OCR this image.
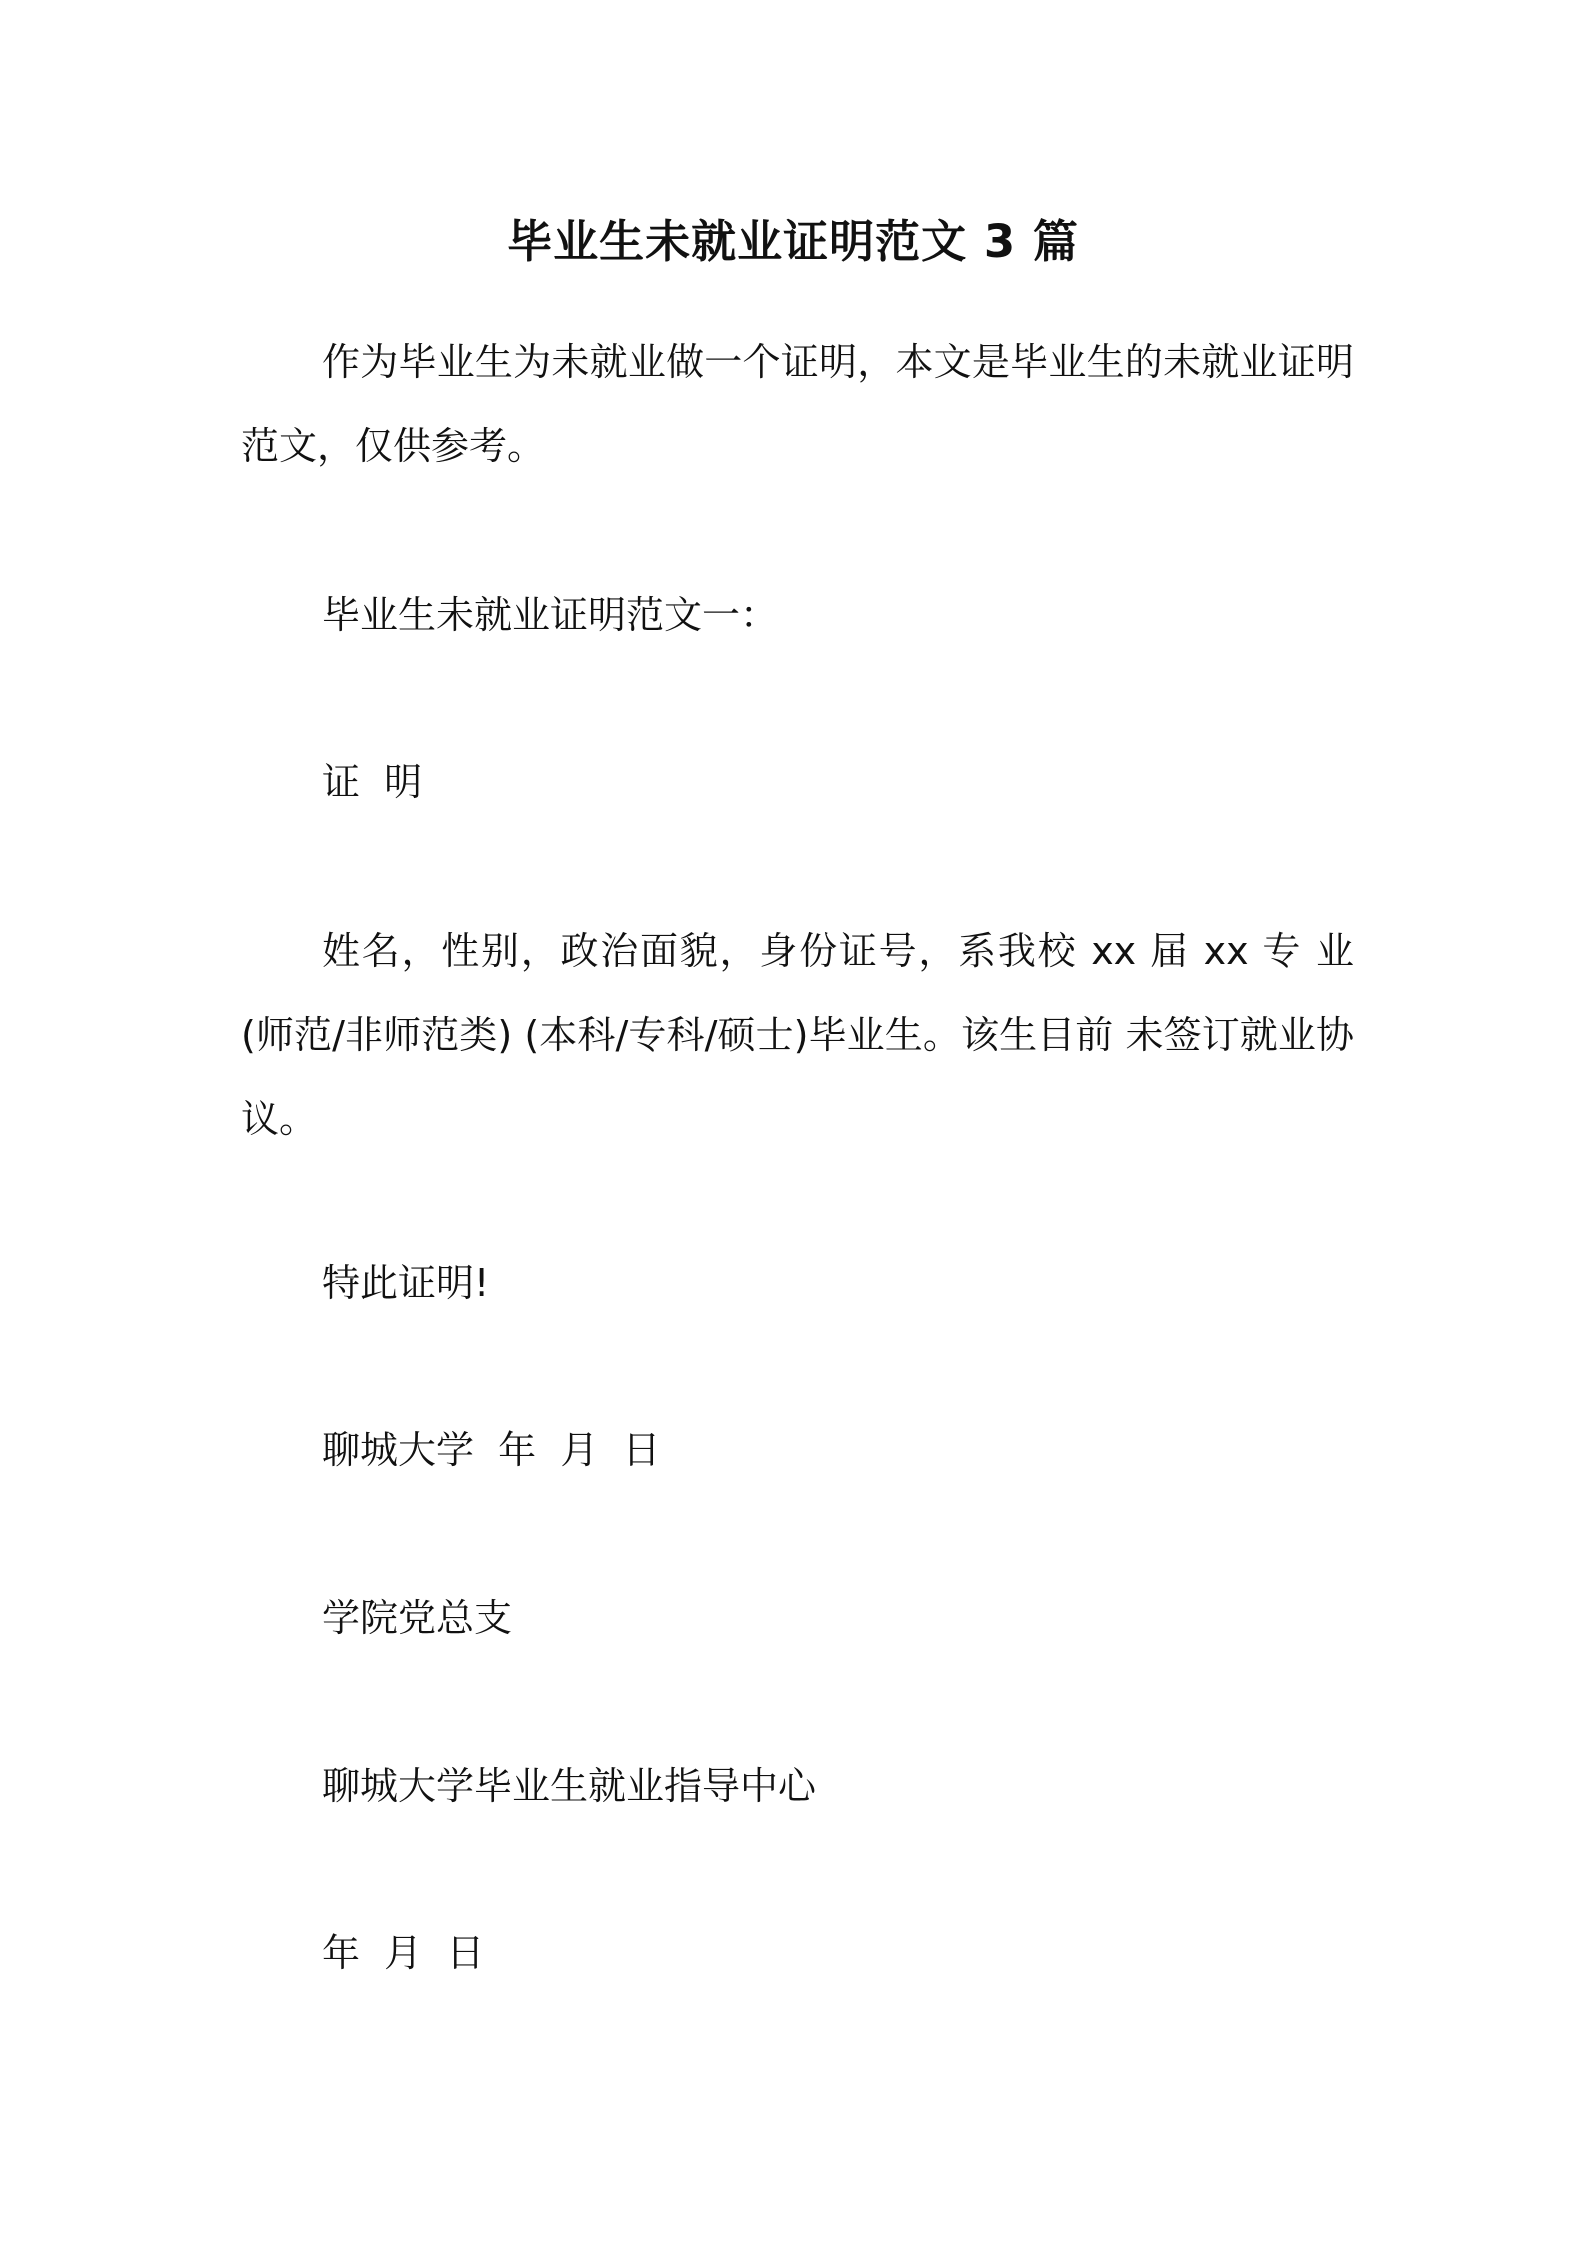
毕业生未就业证明范文 3 篇

作为毕业生为未就业做一个证明，本文是毕业生的未就业证明范文，仅供参考。

毕业生未就业证明范文一：

证  明

姓名，性别，政治面貌，身份证号，系我校 xx 届 xx 专 业(师范/非师范类) (本科/专科/硕士)毕业生。该生目前 未签订就业协议。

特此证明!

聊城大学  年  月  日

学院党总支

聊城大学毕业生就业指导中心

年  月  日
